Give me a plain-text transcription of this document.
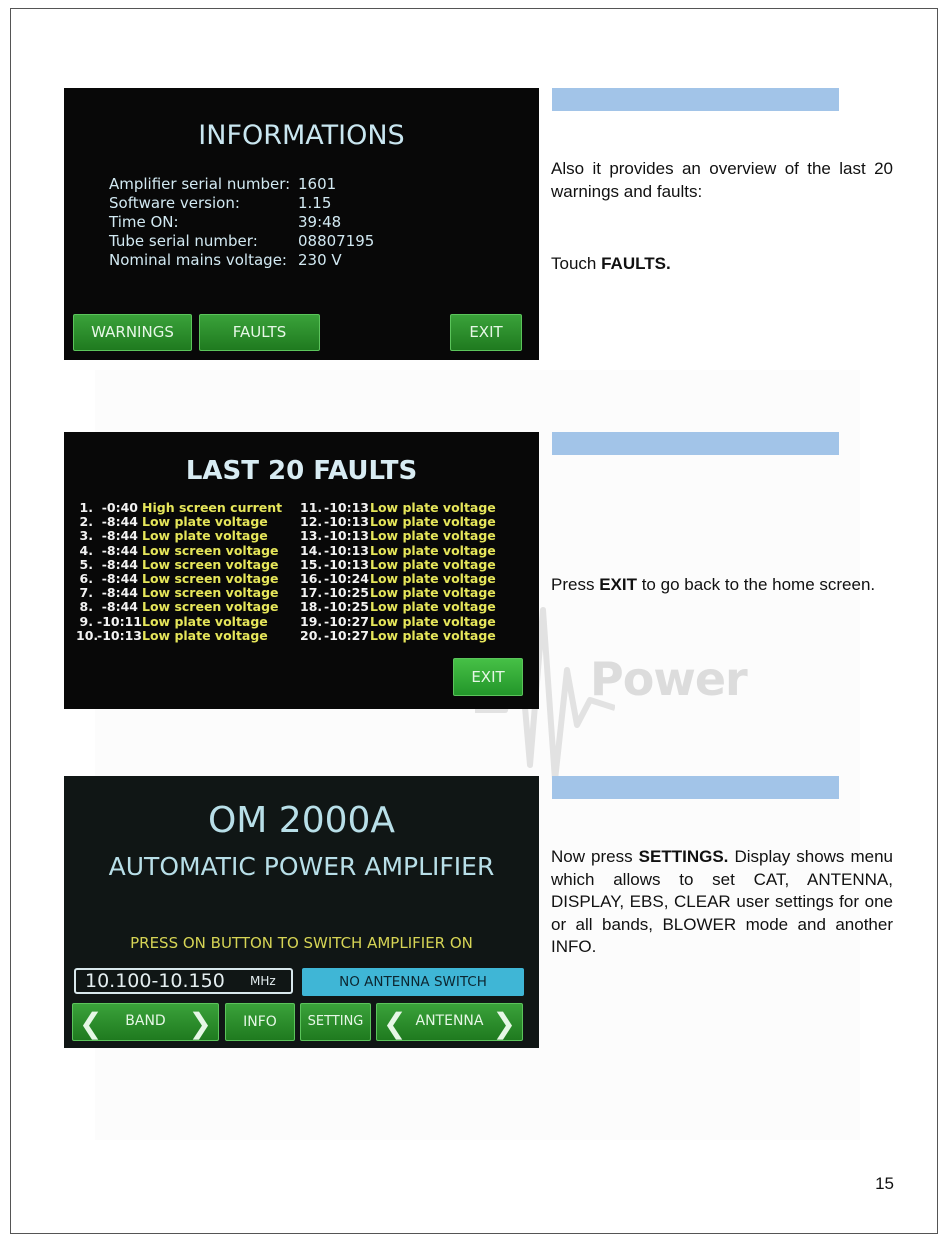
Power
INFORMATIONS
Amplifier serial number: 1601
Software version:	1.15
Time ON:	39:48
Tube serial number:	08807195
Nominal mains voltage: 230 V
WARNINGS	FAULTS	EXIT
Also it provides an overview of the last 20 warnings and faults:
Touch FAULTS.
LAST 20 FAULTS
1. -0:40 High screen current
2. -8:44 Low plate voltage
3. -8:44 Low plate voltage
4. -8:44 Low screen voltage
5. -8:44 Low screen voltage
6. -8:44 Low screen voltage
7. -8:44 Low screen voltage
8. -8:44 Low screen voltage
9. -10:11Low plate voltage
10.-10:13Low plate voltage
11. -10:13Low plate voltage
12. -10:13Low plate voltage
13. -10:13Low plate voltage
14. -10:13Low plate voltage
15. -10:13Low plate voltage
16. -10:24Low plate voltage
17. -10:25Low plate voltage
18. -10:25Low plate voltage
19. -10:27Low plate voltage
20. -10:27Low plate voltage
EXIT
Press EXIT to go back to the home screen.
OM 2000A
AUTOMATIC POWER AMPLIFIER
PRESS ON BUTTON TO SWITCH AMPLIFIER ON
10.100-10.150 MHz	NO ANTENNA SWITCH
❮	BAND ❯	INFO	SETTING ❮ ANTENNA ❯
Now press SETTINGS. Display shows menu which allows to set CAT, ANTENNA, DISPLAY, EBS, CLEAR user settings for one or all bands, BLOWER mode and another INFO.
15
